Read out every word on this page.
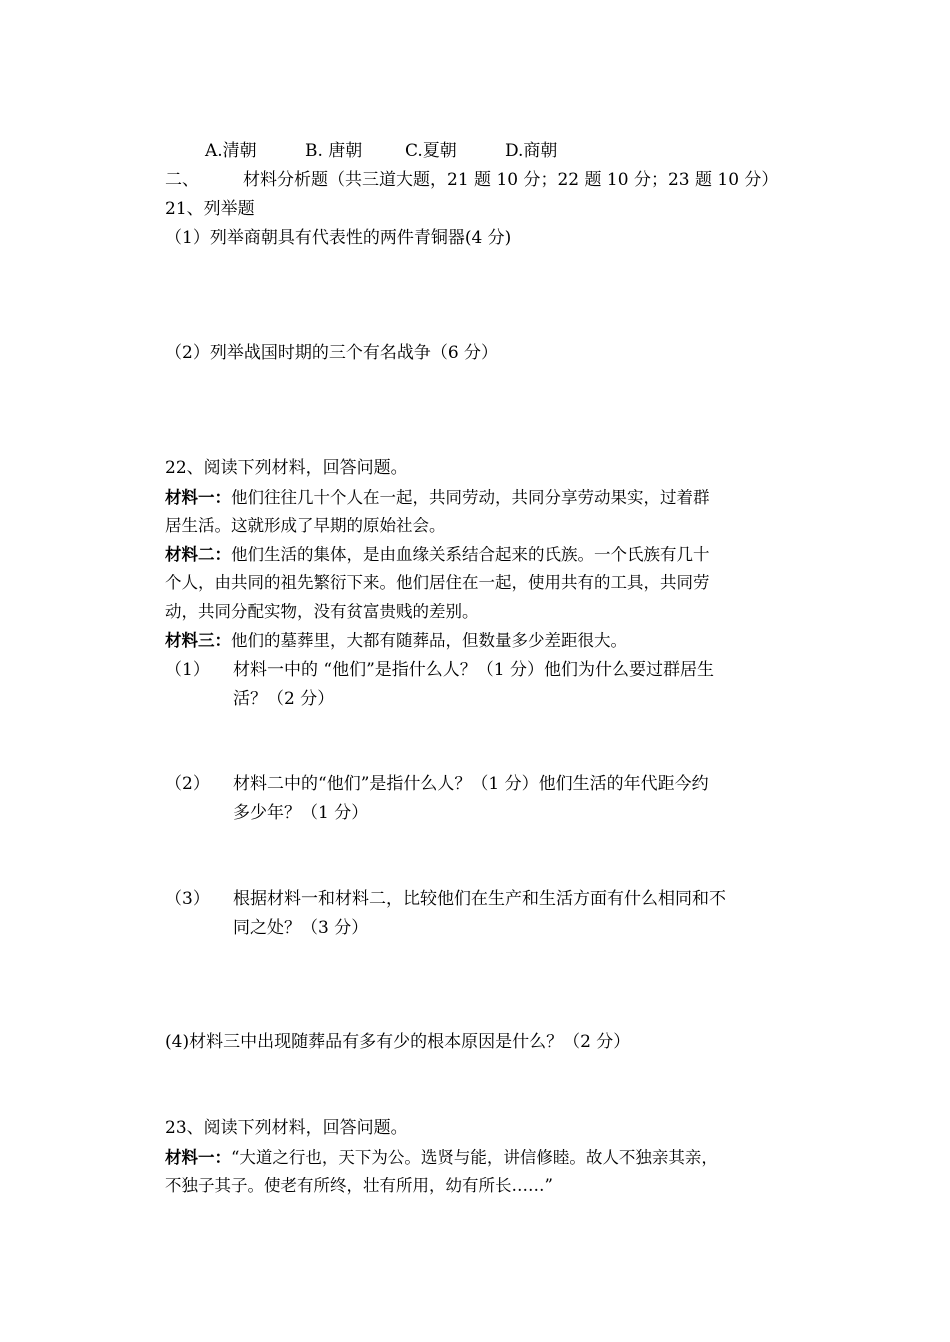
A.清朝	B. 唐朝	C.夏朝	D.商朝
二、	材料分析题（共三道大题，21 题 10 分；22 题 10 分；23 题 10 分）
21、列举题
（1）列举商朝具有代表性的两件青铜器(4 分)
（2）列举战国时期的三个有名战争（6 分）
22、阅读下列材料，回答问题。
材料一：他们往往几十个人在一起，共同劳动，共同分享劳动果实，过着群
居生活。这就形成了早期的原始社会。
材料二：他们生活的集体，是由血缘关系结合起来的氏族。一个氏族有几十
个人，由共同的祖先繁衍下来。他们居住在一起，使用共有的工具，共同劳
动，共同分配实物，没有贫富贵贱的差别。
材料三：他们的墓葬里，大都有随葬品，但数量多少差距很大。
（1） 材料一中的 “他们”是指什么人？（1 分）他们为什么要过群居生
活？（2 分）
（2） 材料二中的“他们”是指什么人？（1 分）他们生活的年代距今约
多少年？（1 分）
（3） 根据材料一和材料二，比较他们在生产和生活方面有什么相同和不
同之处？（3 分）
(4)材料三中出现随葬品有多有少的根本原因是什么？（2 分）
23、阅读下列材料，回答问题。
材料一：“大道之行也，天下为公。选贤与能，讲信修睦。故人不独亲其亲，
不独子其子。使老有所终，壮有所用，幼有所长……”
